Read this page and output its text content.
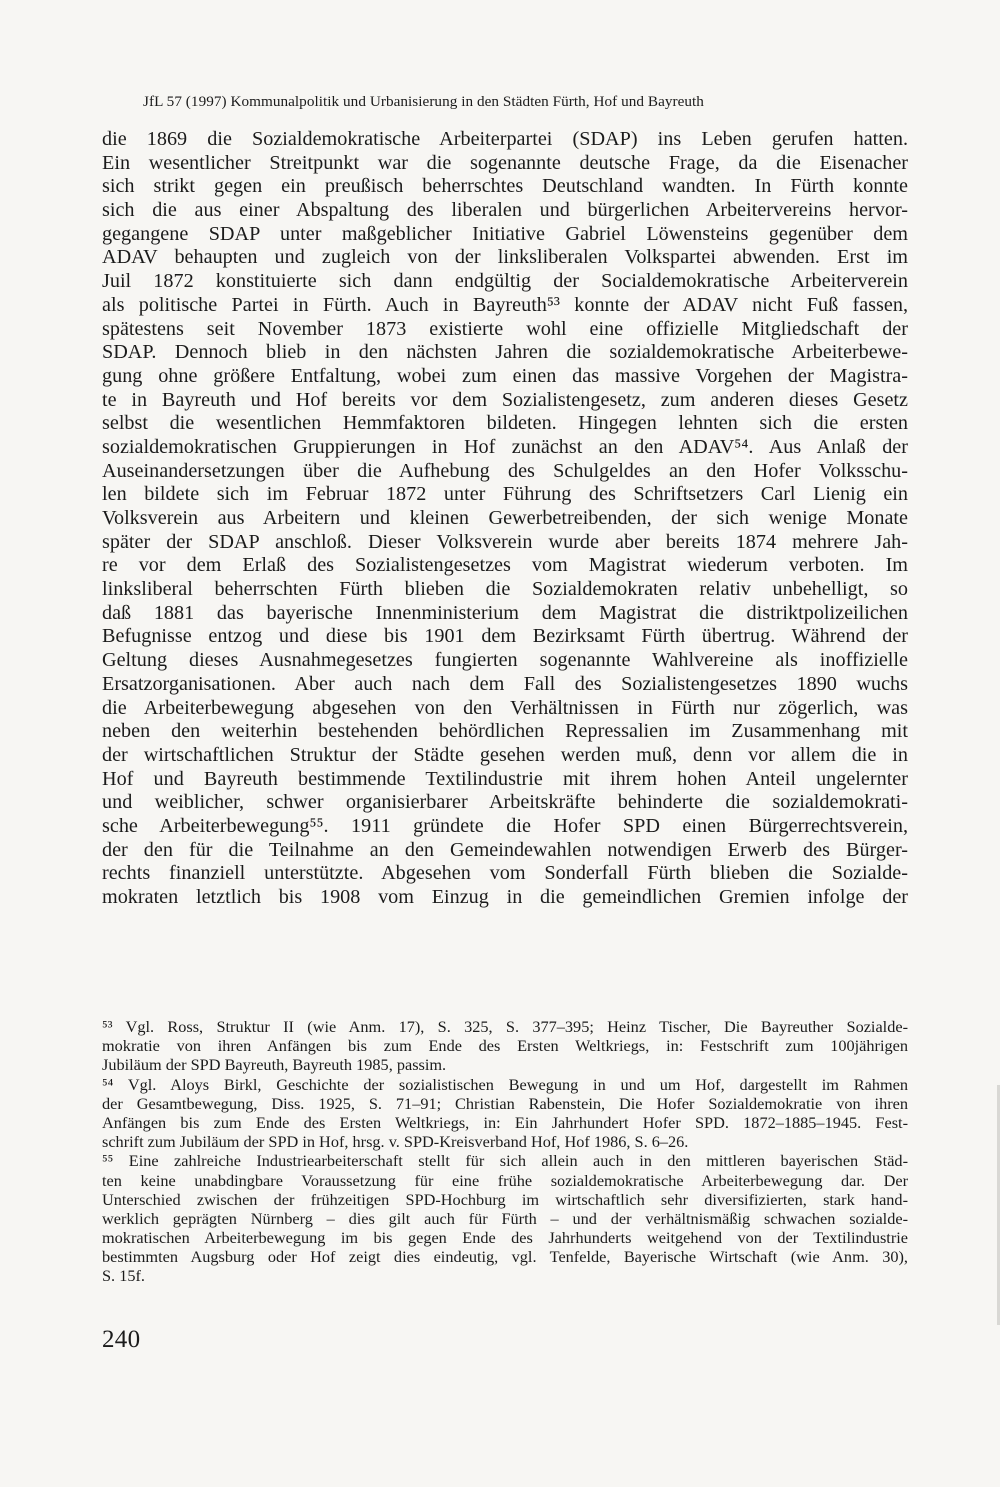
JfL 57 (1997) Kommunalpolitik und Urbanisierung in den Städten Fürth, Hof und Bayreuth
die 1869 die Sozialdemokratische Arbeiterpartei (SDAP) ins Leben gerufen hatten.
Ein wesentlicher Streitpunkt war die sogenannte deutsche Frage, da die Eisenacher
sich strikt gegen ein preußisch beherrschtes Deutschland wandten. In Fürth konnte
sich die aus einer Abspaltung des liberalen und bürgerlichen Arbeitervereins hervor-
gegangene SDAP unter maßgeblicher Initiative Gabriel Löwensteins gegenüber dem
ADAV behaupten und zugleich von der linksliberalen Volkspartei abwenden. Erst im
Juil 1872 konstituierte sich dann endgültig der Socialdemokratische Arbeiterverein
als politische Partei in Fürth. Auch in Bayreuth⁵³ konnte der ADAV nicht Fuß fassen,
spätestens seit November 1873 existierte wohl eine offizielle Mitgliedschaft der
SDAP. Dennoch blieb in den nächsten Jahren die sozialdemokratische Arbeiterbewe-
gung ohne größere Entfaltung, wobei zum einen das massive Vorgehen der Magistra-
te in Bayreuth und Hof bereits vor dem Sozialistengesetz, zum anderen dieses Gesetz
selbst die wesentlichen Hemmfaktoren bildeten. Hingegen lehnten sich die ersten
sozialdemokratischen Gruppierungen in Hof zunächst an den ADAV⁵⁴. Aus Anlaß der
Auseinandersetzungen über die Aufhebung des Schulgeldes an den Hofer Volksschu-
len bildete sich im Februar 1872 unter Führung des Schriftsetzers Carl Lienig ein
Volksverein aus Arbeitern und kleinen Gewerbetreibenden, der sich wenige Monate
später der SDAP anschloß. Dieser Volksverein wurde aber bereits 1874 mehrere Jah-
re vor dem Erlaß des Sozialistengesetzes vom Magistrat wiederum verboten. Im
linksliberal beherrschten Fürth blieben die Sozialdemokraten relativ unbehelligt, so
daß 1881 das bayerische Innenministerium dem Magistrat die distriktpolizeilichen
Befugnisse entzog und diese bis 1901 dem Bezirksamt Fürth übertrug. Während der
Geltung dieses Ausnahmegesetzes fungierten sogenannte Wahlvereine als inoffizielle
Ersatzorganisationen. Aber auch nach dem Fall des Sozialistengesetzes 1890 wuchs
die Arbeiterbewegung abgesehen von den Verhältnissen in Fürth nur zögerlich, was
neben den weiterhin bestehenden behördlichen Repressalien im Zusammenhang mit
der wirtschaftlichen Struktur der Städte gesehen werden muß, denn vor allem die in
Hof und Bayreuth bestimmende Textilindustrie mit ihrem hohen Anteil ungelernter
und weiblicher, schwer organisierbarer Arbeitskräfte behinderte die sozialdemokrati-
sche Arbeiterbewegung⁵⁵. 1911 gründete die Hofer SPD einen Bürgerrechtsverein,
der den für die Teilnahme an den Gemeindewahlen notwendigen Erwerb des Bürger-
rechts finanziell unterstützte. Abgesehen vom Sonderfall Fürth blieben die Sozialde-
mokraten letztlich bis 1908 vom Einzug in die gemeindlichen Gremien infolge der
⁵³ Vgl. Ross, Struktur II (wie Anm. 17), S. 325, S. 377–395; Heinz Tischer, Die Bayreuther Sozialde-
mokratie von ihren Anfängen bis zum Ende des Ersten Weltkriegs, in: Festschrift zum 100jährigen
Jubiläum der SPD Bayreuth, Bayreuth 1985, passim.
⁵⁴ Vgl. Aloys Birkl, Geschichte der sozialistischen Bewegung in und um Hof, dargestellt im Rahmen
der Gesamtbewegung, Diss. 1925, S. 71–91; Christian Rabenstein, Die Hofer Sozialdemokratie von ihren
Anfängen bis zum Ende des Ersten Weltkriegs, in: Ein Jahrhundert Hofer SPD. 1872–1885–1945. Fest-
schrift zum Jubiläum der SPD in Hof, hrsg. v. SPD-Kreisverband Hof, Hof 1986, S. 6–26.
⁵⁵ Eine zahlreiche Industriearbeiterschaft stellt für sich allein auch in den mittleren bayerischen Städ-
ten keine unabdingbare Voraussetzung für eine frühe sozialdemokratische Arbeiterbewegung dar. Der
Unterschied zwischen der frühzeitigen SPD-Hochburg im wirtschaftlich sehr diversifizierten, stark hand-
werklich geprägten Nürnberg – dies gilt auch für Fürth – und der verhältnismäßig schwachen sozialde-
mokratischen Arbeiterbewegung im bis gegen Ende des Jahrhunderts weitgehend von der Textilindustrie
bestimmten Augsburg oder Hof zeigt dies eindeutig, vgl. Tenfelde, Bayerische Wirtschaft (wie Anm. 30),
S. 15f.
240
